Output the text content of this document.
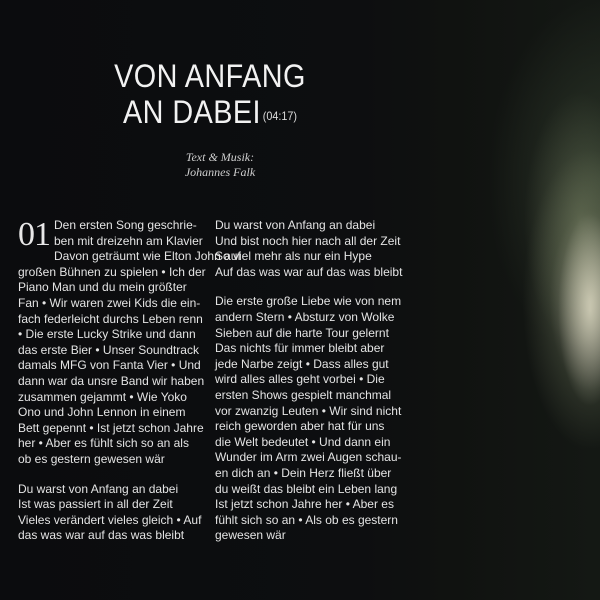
VON ANFANG
AN DABEI (04:17)
Text & Musik:
Johannes Falk
01 Den ersten Song geschrie-
ben mit dreizehn am Klavier
Davon geträumt wie Elton John auf
großen Bühnen zu spielen • Ich der
Piano Man und du mein größter
Fan • Wir waren zwei Kids die ein-
fach federleicht durchs Leben renn
• Die erste Lucky Strike und dann
das erste Bier • Unser Soundtrack
damals MFG von Fanta Vier • Und
dann war da unsre Band wir haben
zusammen gejammt • Wie Yoko
Ono und John Lennon in einem
Bett gepennt • Ist jetzt schon Jahre
her • Aber es fühlt sich so an als
ob es gestern gewesen wär

Du warst von Anfang an dabei
Ist was passiert in all der Zeit
Vieles verändert vieles gleich • Auf
das was war auf das was bleibt

Du warst von Anfang an dabei
Und bist noch hier nach all der Zeit
So viel mehr als nur ein Hype
Auf das was war auf das was bleibt

Die erste große Liebe wie von nem
andern Stern • Absturz von Wolke
Sieben auf die harte Tour gelernt
Das nichts für immer bleibt aber
jede Narbe zeigt • Dass alles gut
wird alles alles geht vorbei • Die
ersten Shows gespielt manchmal
vor zwanzig Leuten • Wir sind nicht
reich geworden aber hat für uns
die Welt bedeutet • Und dann ein
Wunder im Arm zwei Augen schau-
en dich an • Dein Herz fließt über
du weißt das bleibt ein Leben lang
Ist jetzt schon Jahre her • Aber es
fühlt sich so an • Als ob es gestern
gewesen wär
